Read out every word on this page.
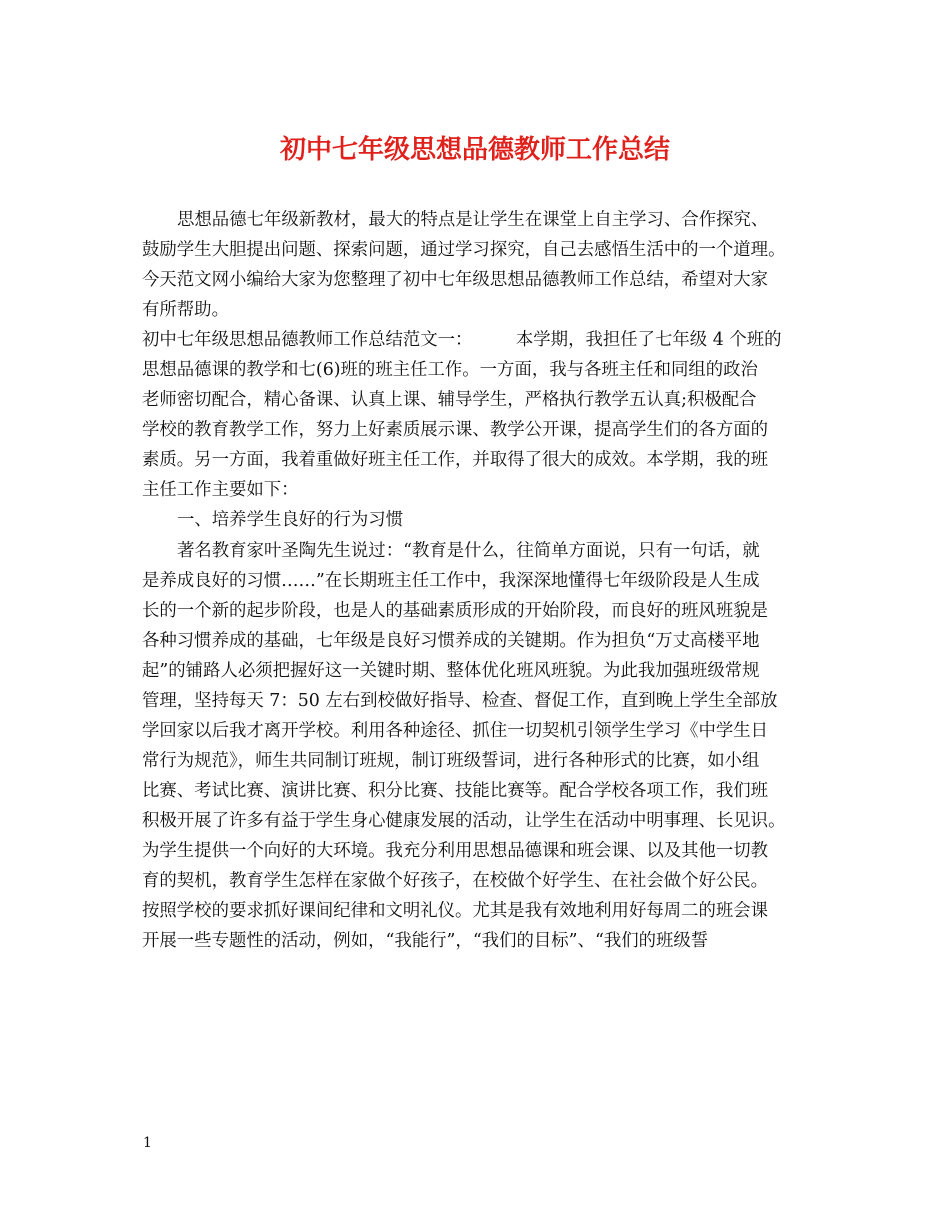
初中七年级思想品德教师工作总结
思想品德七年级新教材，最大的特点是让学生在课堂上自主学习、合作探究、
鼓励学生大胆提出问题、探索问题，通过学习探究，自己去感悟生活中的一个道理。
今天范文网小编给大家为您整理了初中七年级思想品德教师工作总结，希望对大家
有所帮助。
初中七年级思想品德教师工作总结范文一：　　　本学期，我担任了七年级 4 个班的
思想品德课的教学和七(6)班的班主任工作。一方面，我与各班主任和同组的政治
老师密切配合，精心备课、认真上课、辅导学生，严格执行教学五认真;积极配合
学校的教育教学工作，努力上好素质展示课、教学公开课，提高学生们的各方面的
素质。另一方面，我着重做好班主任工作，并取得了很大的成效。本学期，我的班
主任工作主要如下：
一、培养学生良好的行为习惯
著名教育家叶圣陶先生说过：“教育是什么，往简单方面说，只有一句话，就
是养成良好的习惯……”在长期班主任工作中，我深深地懂得七年级阶段是人生成
长的一个新的起步阶段，也是人的基础素质形成的开始阶段，而良好的班风班貌是
各种习惯养成的基础，七年级是良好习惯养成的关键期。作为担负“万丈高楼平地
起”的铺路人必须把握好这一关键时期、整体优化班风班貌。为此我加强班级常规
管理，坚持每天 7：50 左右到校做好指导、检查、督促工作，直到晚上学生全部放
学回家以后我才离开学校。利用各种途径、抓住一切契机引领学生学习《中学生日
常行为规范》，师生共同制订班规，制订班级誓词，进行各种形式的比赛，如小组
比赛、考试比赛、演讲比赛、积分比赛、技能比赛等。配合学校各项工作，我们班
积极开展了许多有益于学生身心健康发展的活动，让学生在活动中明事理、长见识。
为学生提供一个向好的大环境。我充分利用思想品德课和班会课、以及其他一切教
育的契机，教育学生怎样在家做个好孩子，在校做个好学生、在社会做个好公民。
按照学校的要求抓好课间纪律和文明礼仪。尤其是我有效地利用好每周二的班会课
开展一些专题性的活动，例如，“我能行”，“我们的目标”、“我们的班级誓
1
